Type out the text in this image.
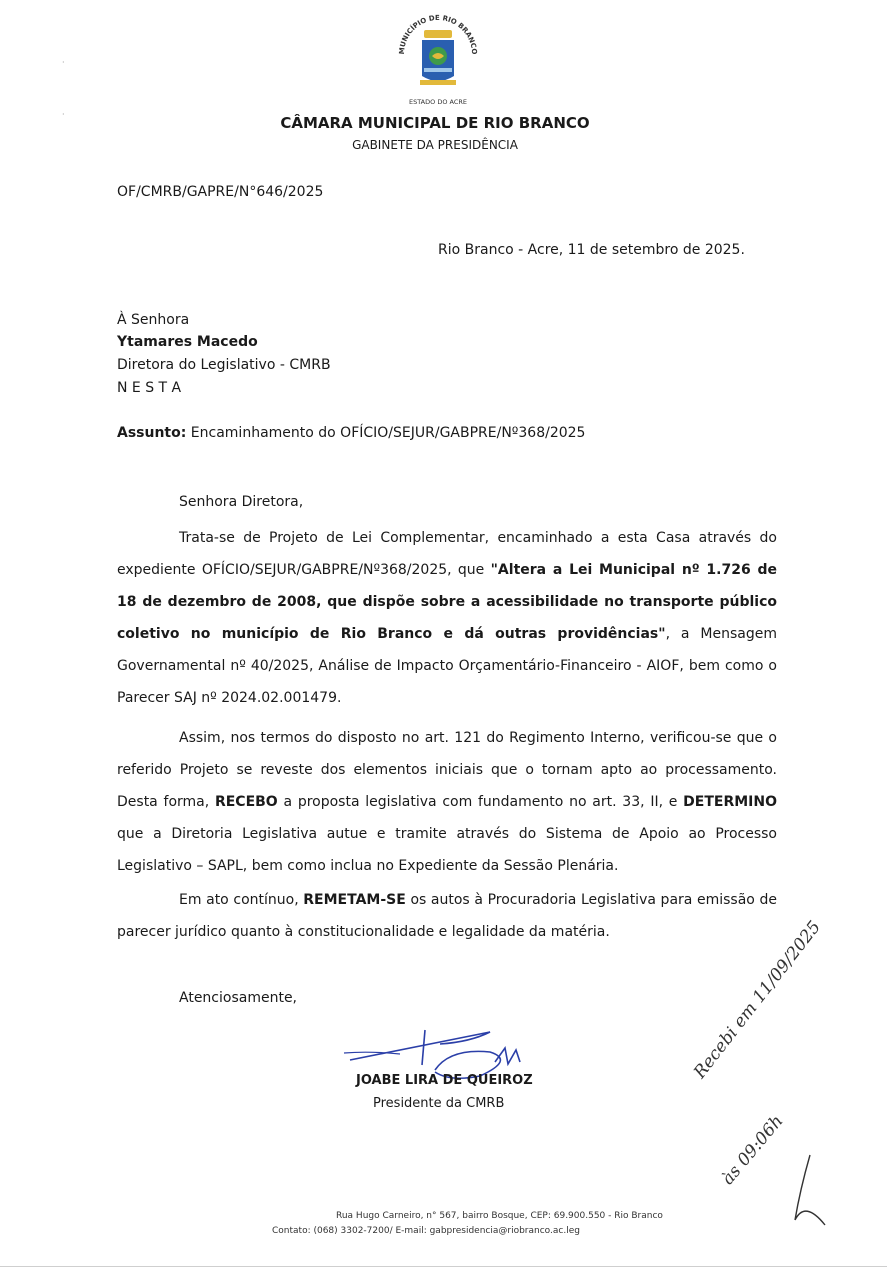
MUNICÍPIO DE RIO BRANCO
ESTADO DO ACRE
·
·	CÂMARA MUNICIPAL DE RIO BRANCO
GABINETE DA PRESIDÊNCIA
OF/CMRB/GAPRE/N°646/2025
Rio Branco - Acre, 11 de setembro de 2025.
À Senhora
Ytamares Macedo
Diretora do Legislativo - CMRB
N E S T A
Assunto: Encaminhamento do OFÍCIO/SEJUR/GABPRE/Nº368/2025
Senhora Diretora,
Trata-se de Projeto de Lei Complementar, encaminhado a esta Casa através do expediente OFÍCIO/SEJUR/GABPRE/Nº368/2025, que "Altera a Lei Municipal nº 1.726 de 18 de dezembro de 2008, que dispõe sobre a acessibilidade no transporte público coletivo no município de Rio Branco e dá outras providências", a Mensagem Governamental nº 40/2025, Análise de Impacto Orçamentário-Financeiro - AIOF, bem como o Parecer SAJ nº 2024.02.001479.
Assim, nos termos do disposto no art. 121 do Regimento Interno, verificou-se que o referido Projeto se reveste dos elementos iniciais que o tornam apto ao processamento. Desta forma, RECEBO a proposta legislativa com fundamento no art. 33, II, e DETERMINO que a Diretoria Legislativa autue e tramite através do Sistema de Apoio ao Processo Legislativo – SAPL, bem como inclua no Expediente da Sessão Plenária.
Em ato contínuo, REMETAM-SE os autos à Procuradoria Legislativa para emissão de parecer jurídico quanto à constitucionalidade e legalidade da matéria.
Atenciosamente,
JOABE LIRA DE QUEIROZ
Presidente da CMRB
Recebi em 11/09/2025
às 09:06h
Rua Hugo Carneiro, n° 567, bairro Bosque, CEP: 69.900.550 - Rio Branco
Contato: (068) 3302-7200/ E-mail: gabpresidencia@riobranco.ac.leg
